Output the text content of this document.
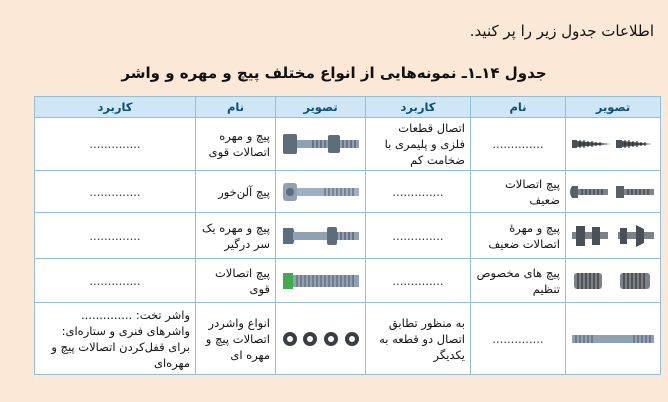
اطلاعات جدول زیر را پر کنید.
جدول ۱۴ـ۱ـ نمونه‌هایی از انواع مختلف پیچ و مهره و واشر
تصویر	نام	کاربرد	تصویر	نام	کاربرد

	..............	اتصال قطعات فلزی و پلیمری با ضخامت کم		پیچ و مهره اتصالات قوی	..............

	پیچ اتصالات ضعیف	..............		پیچ آلن‌خور	..............

	پیچ و مهرهٔ اتصالات ضعیف	..............		پیچ و مهره یک سر درگیر	..............

	پیچ های مخصوص تنظیم	..............		پیچ اتصالات قوی	..............

	..............	به منظور تطابق اتصال دو قطعه به یکدیگر		انواع واشردر اتصالات پیچ و مهره ای	واشر تخت: .............. واشرهای فنری و ستاره‌ای: برای قفل‌کردن اتصالات پیچ و مهره‌ای
